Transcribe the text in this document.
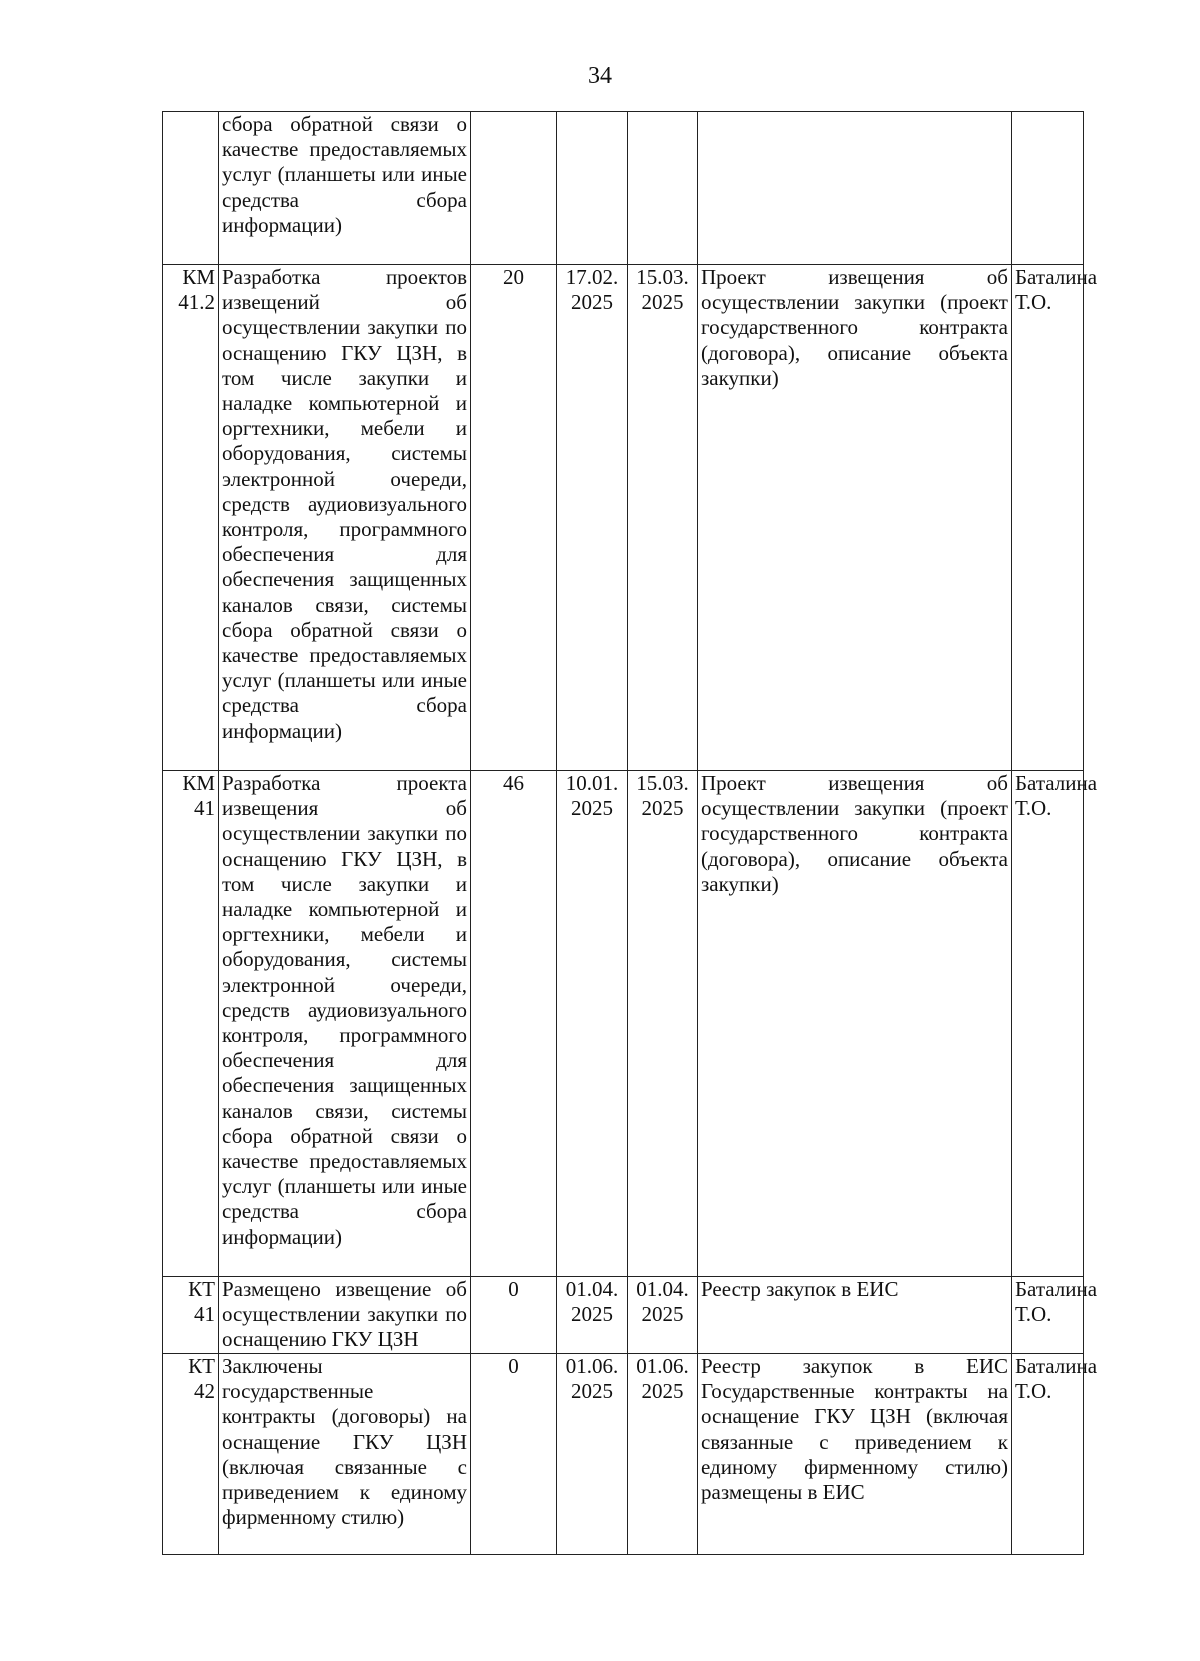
34
	сбора обратной связи о качестве предоставляемых услуг (планшеты или иные средства сбора информации)					
КМ 41.2	Разработка проектов извещений об осуществлении закупки по оснащению ГКУ ЦЗН, в том числе закупки и наладке компьютерной и оргтехники, мебели и оборудования, системы электронной очереди, средств аудиовизуального контроля, программного обеспечения для обеспечения защищенных каналов связи, системы сбора обратной связи о качестве предоставляемых услуг (планшеты или иные средства сбора информации)	20	17.02. 2025	15.03. 2025	Проект извещения об осуществлении закупки (проект государственного контракта (договора), описание объекта закупки)	Баталина Т.О.
КМ 41	Разработка проекта извещения об осуществлении закупки по оснащению ГКУ ЦЗН, в том числе закупки и наладке компьютерной и оргтехники, мебели и оборудования, системы электронной очереди, средств аудиовизуального контроля, программного обеспечения для обеспечения защищенных каналов связи, системы сбора обратной связи о качестве предоставляемых услуг (планшеты или иные средства сбора информации)	46	10.01. 2025	15.03. 2025	Проект извещения об осуществлении закупки (проект государственного контракта (договора), описание объекта закупки)	Баталина Т.О.
КТ 41	Размещено извещение об осуществлении закупки по оснащению ГКУ ЦЗН	0	01.04. 2025	01.04. 2025	Реестр закупок в ЕИС	Баталина Т.О.
КТ 42	Заключены государственные контракты (договоры) на оснащение ГКУ ЦЗН (включая связанные с приведением к единому фирменному стилю)	0	01.06. 2025	01.06. 2025	Реестр закупок в ЕИС Государственные контракты на оснащение ГКУ ЦЗН (включая связанные с приведением к единому фирменному стилю) размещены в ЕИС	Баталина Т.О.
